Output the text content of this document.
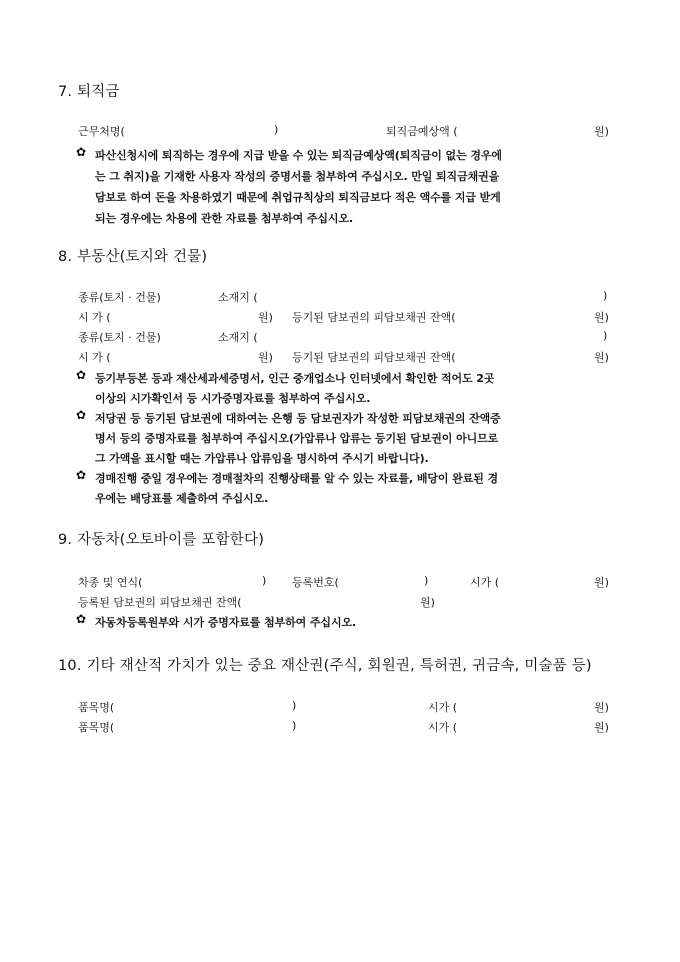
7. 퇴직금
근무처명(	)	퇴직금예상액 (	원)
✿ 파산신청시에 퇴직하는 경우에 지급 받을 수 있는 퇴직금예상액(퇴직금이 없는 경우에
는 그 취지)을 기재한 사용자 작성의 증명서를 첨부하여 주십시오. 만일 퇴직금채권을
담보로 하여 돈을 차용하였기 때문에 취업규칙상의 퇴직금보다 적은 액수를 지급 받게
되는 경우에는 차용에 관한 자료를 첨부하여 주십시오.
8. 부동산(토지와 건물)
종류(토지 · 건물)	소재지 (	)
시 가 (	원) 등기된 담보권의 피담보채권 잔액(	원)
종류(토지 · 건물)	소재지 (	)
시 가 (	원) 등기된 담보권의 피담보채권 잔액(	원)
✿ 등기부등본 등과 재산세과세증명서, 인근 중개업소나 인터넷에서 확인한 적어도 2곳
이상의 시가확인서 등 시가증명자료를 첨부하여 주십시오.
✿ 저당권 등 등기된 담보권에 대하여는 은행 등 담보권자가 작성한 피담보채권의 잔액증
명서 등의 증명자료를 첨부하여 주십시오(가압류나 압류는 등기된 담보권이 아니므로
그 가액을 표시할 때는 가압류나 압류임을 명시하여 주시기 바랍니다).
✿ 경매진행 중일 경우에는 경매절차의 진행상태를 알 수 있는 자료를, 배당이 완료된 경
우에는 배당표를 제출하여 주십시오.
9. 자동차(오토바이를 포함한다)
차종 및 연식(	) 등록번호(	)	시가 (	원)
등록된 담보권의 피담보채권 잔액(	원)
✿ 자동차등록원부와 시가 증명자료를 첨부하여 주십시오.
10. 기타 재산적 가치가 있는 중요 재산권(주식, 회원권, 특허권, 귀금속, 미술품 등)
품목명(	)	시가 (	원)
품목명(	)	시가 (	원)
